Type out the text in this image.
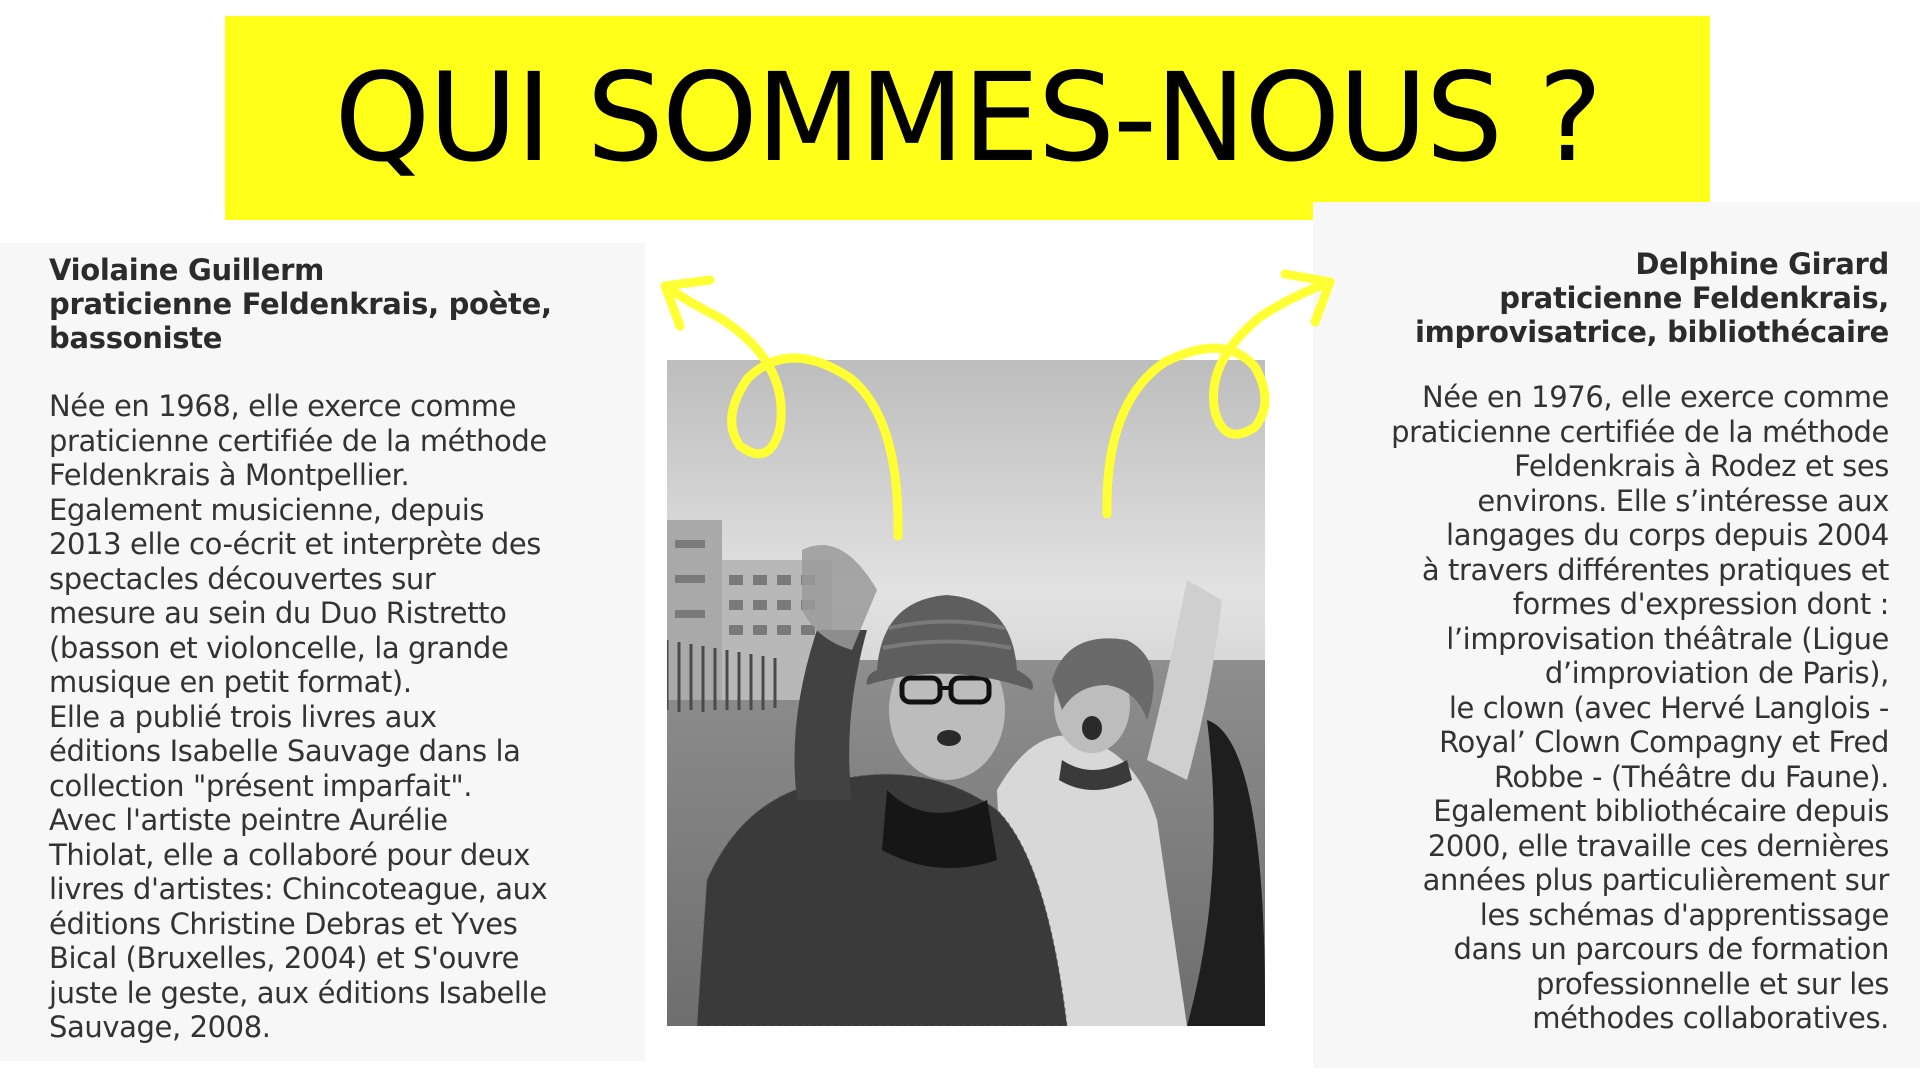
QUI SOMMES-NOUS ?

Violaine Guillerm

praticienne Feldenkrais, poète, bassoniste

Née en 1968, elle exerce comme
praticienne certifiée de la méthode
Feldenkrais à Montpellier.
Egalement musicienne, depuis
2013 elle co-écrit et interprète des
spectacles découvertes sur
mesure au sein du Duo Ristretto
(basson et violoncelle, la grande
musique en petit format).
Elle a publié trois livres aux
éditions Isabelle Sauvage dans la
collection "présent imparfait".
Avec l'artiste peintre Aurélie
Thiolat, elle a collaboré pour deux
livres d'artistes: Chincoteague, aux
éditions Christine Debras et Yves
Bical (Bruxelles, 2004) et S'ouvre
juste le geste, aux éditions Isabelle
Sauvage, 2008.

Delphine Girard

praticienne Feldenkrais,
improvisatrice, bibliothécaire

Née en 1976, elle exerce comme
praticienne certifiée de la méthode
Feldenkrais à Rodez et ses
environs. Elle s’intéresse aux
langages du corps depuis 2004
à travers différentes pratiques et
formes d'expression dont :
l’improvisation théâtrale (Ligue
d’improviation de Paris),
le clown (avec Hervé Langlois -
Royal’ Clown Compagny et Fred
Robbe - (Théâtre du Faune).
Egalement bibliothécaire depuis
2000, elle travaille ces dernières
années plus particulièrement sur
les schémas d'apprentissage
dans un parcours de formation
professionnelle et sur les
méthodes collaboratives.
